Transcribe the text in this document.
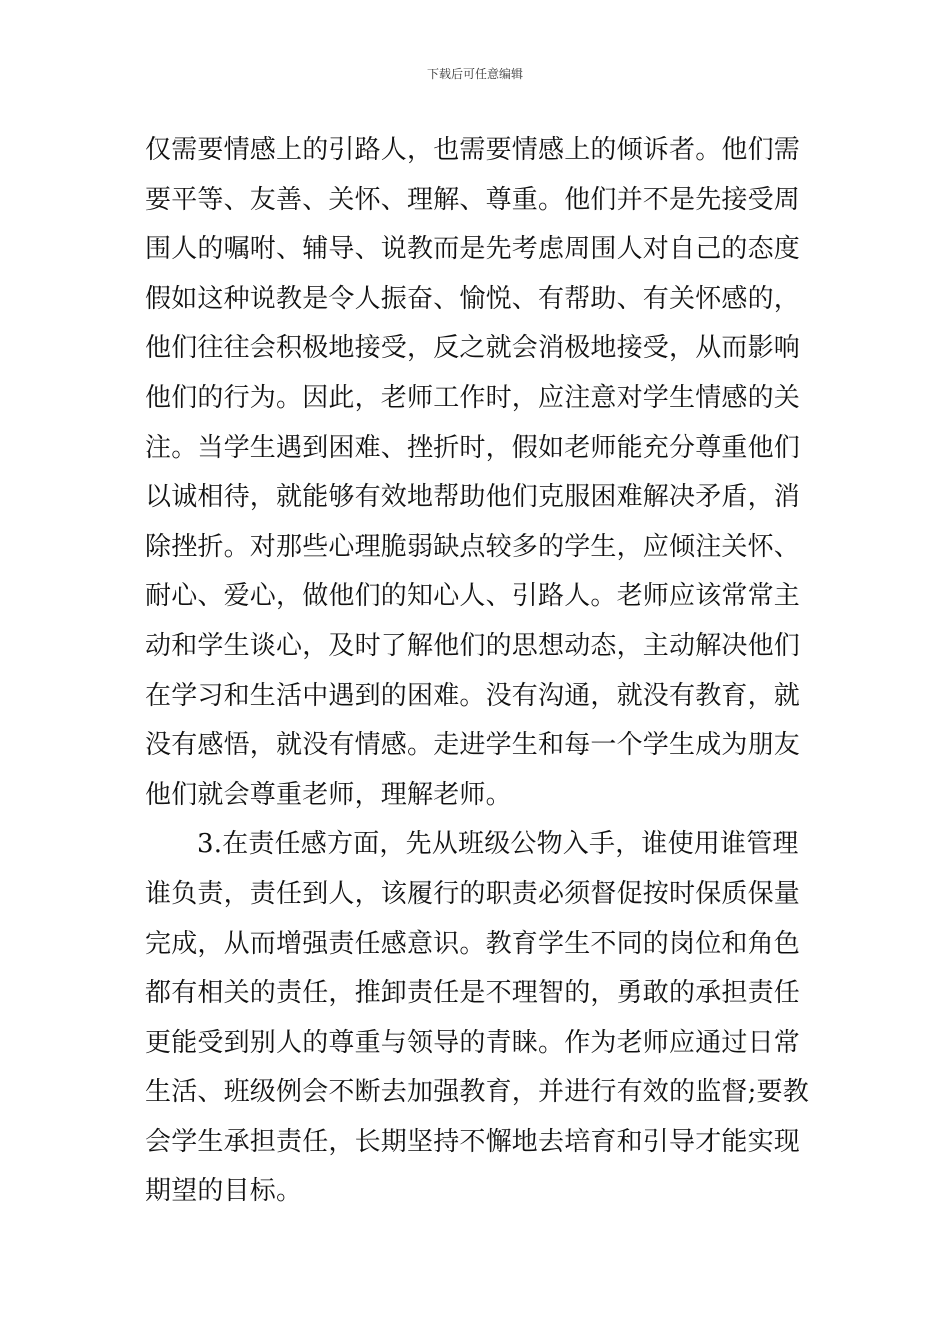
下载后可任意编辑
仅需要情感上的引路人，也需要情感上的倾诉者。他们需
要平等、友善、关怀、理解、尊重。他们并不是先接受周
围人的嘱咐、辅导、说教而是先考虑周围人对自己的态度
假如这种说教是令人振奋、愉悦、有帮助、有关怀感的，
他们往往会积极地接受，反之就会消极地接受，从而影响
他们的行为。因此，老师工作时，应注意对学生情感的关
注。当学生遇到困难、挫折时，假如老师能充分尊重他们
以诚相待，就能够有效地帮助他们克服困难解决矛盾，消
除挫折。对那些心理脆弱缺点较多的学生，应倾注关怀、
耐心、爱心，做他们的知心人、引路人。老师应该常常主
动和学生谈心，及时了解他们的思想动态，主动解决他们
在学习和生活中遇到的困难。没有沟通，就没有教育，就
没有感悟，就没有情感。走进学生和每一个学生成为朋友
他们就会尊重老师，理解老师。
3.在责任感方面，先从班级公物入手，谁使用谁管理
谁负责，责任到人，该履行的职责必须督促按时保质保量
完成，从而增强责任感意识。教育学生不同的岗位和角色
都有相关的责任，推卸责任是不理智的，勇敢的承担责任
更能受到别人的尊重与领导的青睐。作为老师应通过日常
生活、班级例会不断去加强教育，并进行有效的监督;要教
会学生承担责任，长期坚持不懈地去培育和引导才能实现
期望的目标。
